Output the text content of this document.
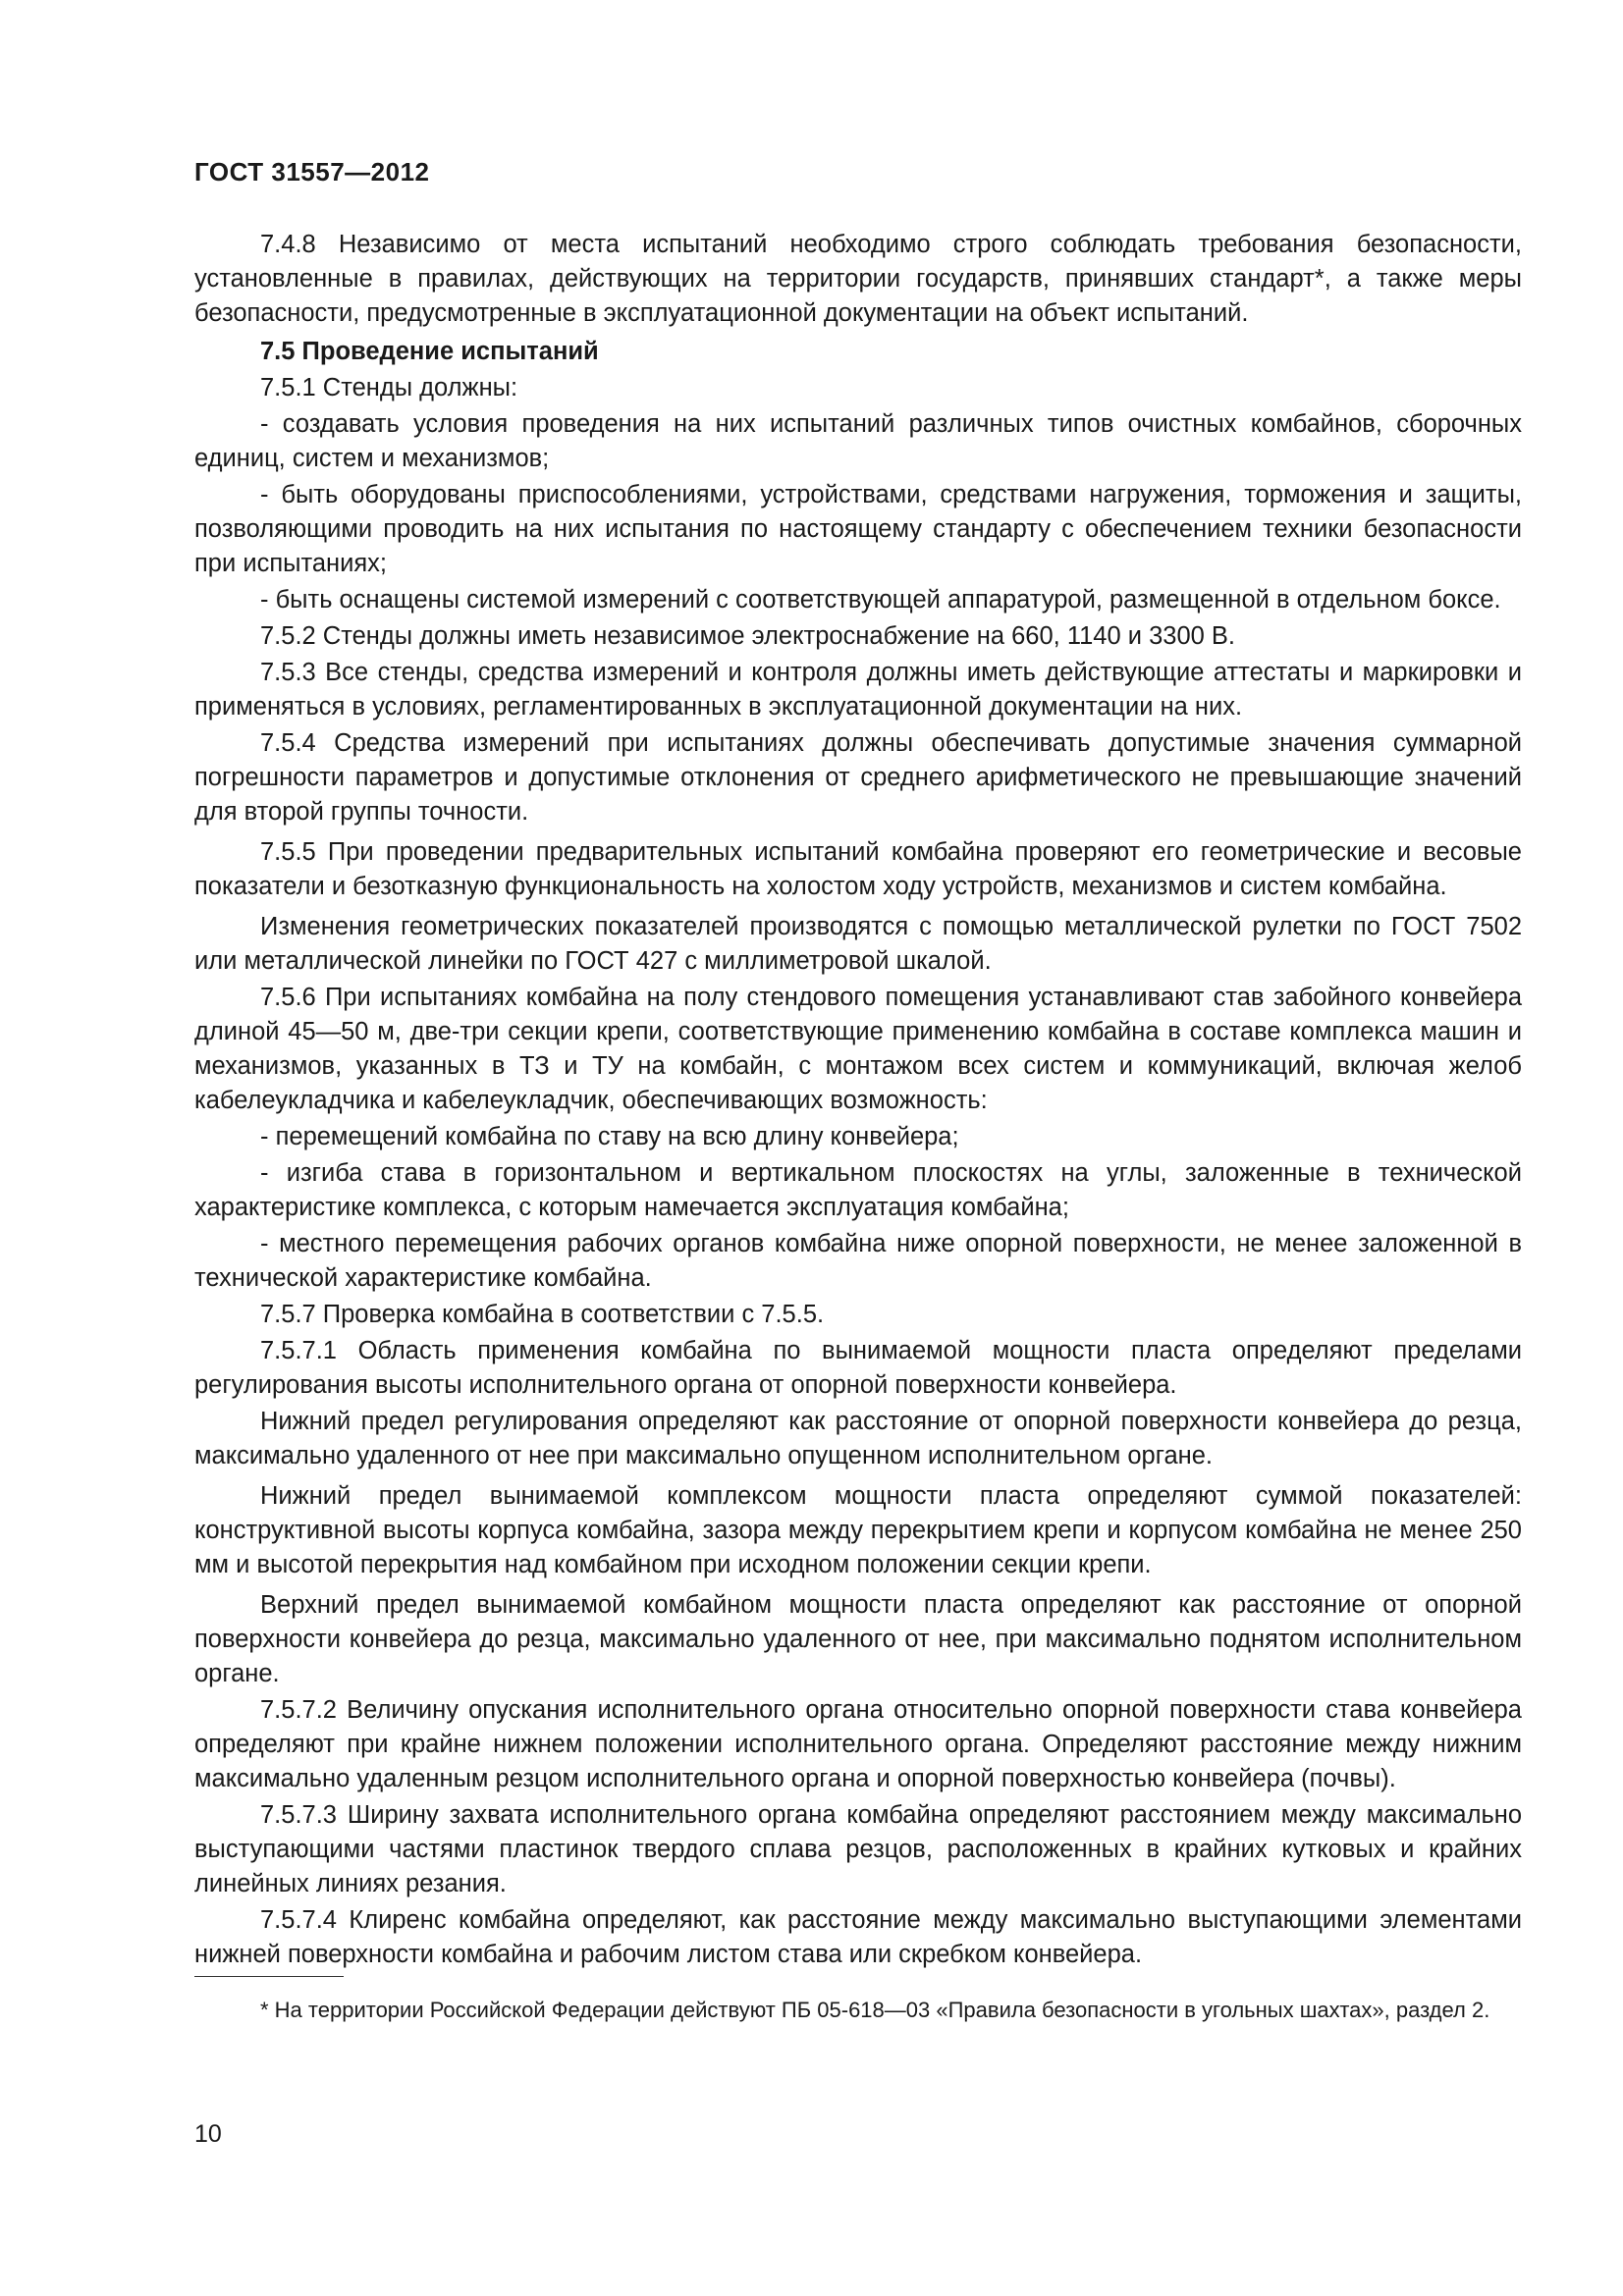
ГОСТ 31557—2012

7.4.8 Независимо от места испытаний необходимо строго соблюдать требования безопасности, установленные в правилах, действующих на территории государств, принявших стандарт*, а также меры безопасности, предусмотренные в эксплуатационной документации на объект испытаний.

7.5 Проведение испытаний

7.5.1 Стенды должны:

- создавать условия проведения на них испытаний различных типов очистных комбайнов, сборочных единиц, систем и механизмов;

- быть оборудованы приспособлениями, устройствами, средствами нагружения, торможения и защиты, позволяющими проводить на них испытания по настоящему стандарту с обеспечением техники безопасности при испытаниях;

- быть оснащены системой измерений с соответствующей аппаратурой, размещенной в отдельном боксе.

7.5.2 Стенды должны иметь независимое электроснабжение на 660, 1140 и 3300 В.

7.5.3 Все стенды, средства измерений и контроля должны иметь действующие аттестаты и маркировки и применяться в условиях, регламентированных в эксплуатационной документации на них.

7.5.4 Средства измерений при испытаниях должны обеспечивать допустимые значения суммарной погрешности параметров и допустимые отклонения от среднего арифметического не превышающие значений для второй группы точности.

7.5.5 При проведении предварительных испытаний комбайна проверяют его геометрические и весовые показатели и безотказную функциональность на холостом ходу устройств, механизмов и систем комбайна.

Изменения геометрических показателей производятся с помощью металлической рулетки по ГОСТ 7502 или металлической линейки по ГОСТ 427 с миллиметровой шкалой.

7.5.6 При испытаниях комбайна на полу стендового помещения устанавливают став забойного конвейера длиной 45—50 м, две-три секции крепи, соответствующие применению комбайна в составе комплекса машин и механизмов, указанных в ТЗ и ТУ на комбайн, с монтажом всех систем и коммуникаций, включая желоб кабелеукладчика и кабелеукладчик, обеспечивающих возможность:

- перемещений комбайна по ставу на всю длину конвейера;

- изгиба става в горизонтальном и вертикальном плоскостях на углы, заложенные в технической характеристике комплекса, с которым намечается эксплуатация комбайна;

- местного перемещения рабочих органов комбайна ниже опорной поверхности, не менее заложенной в технической характеристике комбайна.

7.5.7 Проверка комбайна в соответствии с 7.5.5.

7.5.7.1 Область применения комбайна по вынимаемой мощности пласта определяют пределами регулирования высоты исполнительного органа от опорной поверхности конвейера.

Нижний предел регулирования определяют как расстояние от опорной поверхности конвейера до резца, максимально удаленного от нее при максимально опущенном исполнительном органе.

Нижний предел вынимаемой комплексом мощности пласта определяют суммой показателей: конструктивной высоты корпуса комбайна, зазора между перекрытием крепи и корпусом комбайна не менее 250 мм и высотой перекрытия над комбайном при исходном положении секции крепи.

Верхний предел вынимаемой комбайном мощности пласта определяют как расстояние от опорной поверхности конвейера до резца, максимально удаленного от нее, при максимально поднятом исполнительном органе.

7.5.7.2 Величину опускания исполнительного органа относительно опорной поверхности става конвейера определяют при крайне нижнем положении исполнительного органа. Определяют расстояние между нижним максимально удаленным резцом исполнительного органа и опорной поверхностью конвейера (почвы).

7.5.7.3 Ширину захвата исполнительного органа комбайна определяют расстоянием между максимально выступающими частями пластинок твердого сплава резцов, расположенных в крайних кутковых и крайних линейных линиях резания.

7.5.7.4 Клиренс комбайна определяют, как расстояние между максимально выступающими элементами нижней поверхности комбайна и рабочим листом става или скребком конвейера.

* На территории Российской Федерации действуют ПБ 05-618—03 «Правила безопасности в угольных шахтах», раздел 2.

10
